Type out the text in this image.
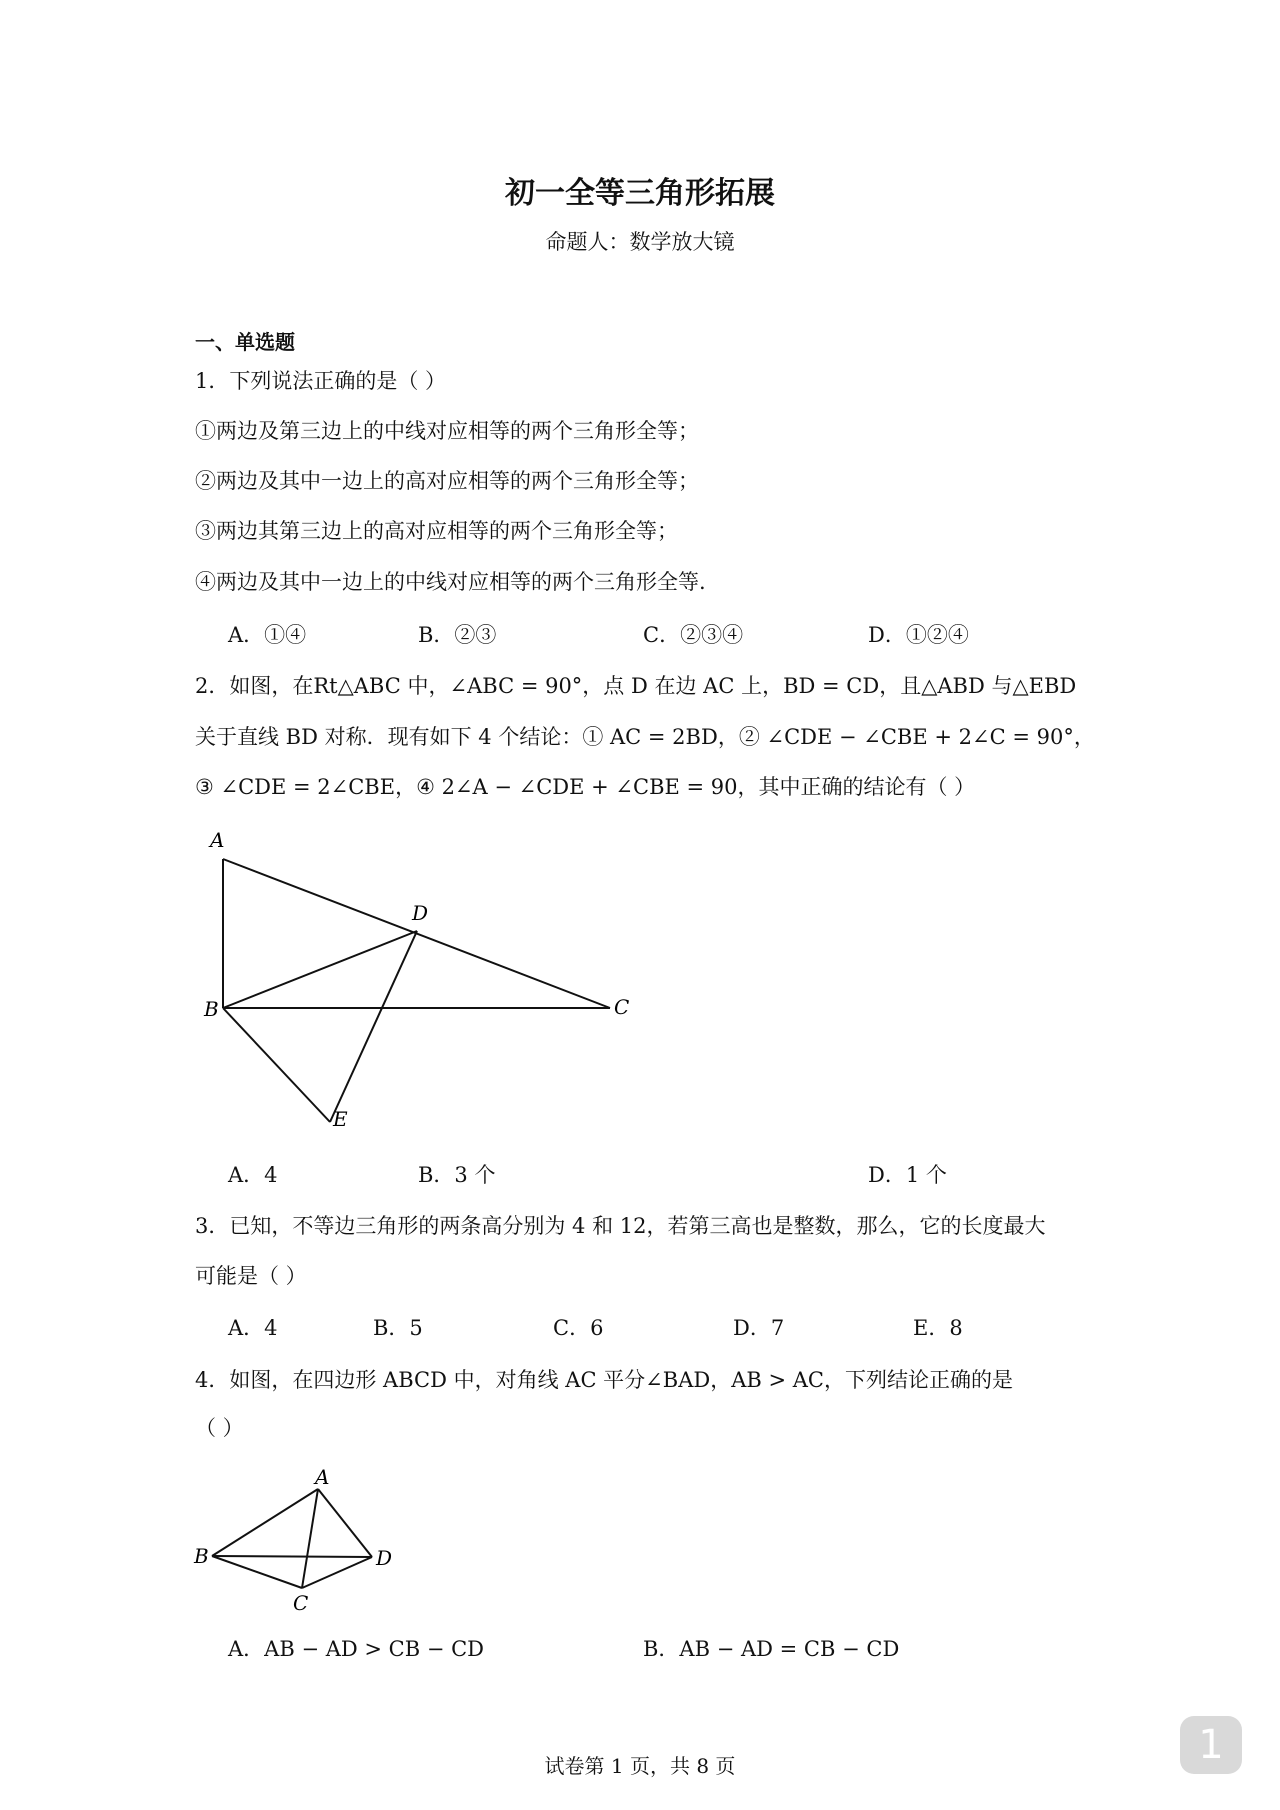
初一全等三角形拓展
命题人：数学放大镜
一、单选题
1．下列说法正确的是（ ）
①两边及第三边上的中线对应相等的两个三角形全等；
②两边及其中一边上的高对应相等的两个三角形全等；
③两边其第三边上的高对应相等的两个三角形全等；
④两边及其中一边上的中线对应相等的两个三角形全等.
A．①④	B．②③	C．②③④	D．①②④
2．如图，在Rt△ABC 中，∠ABC = 90°，点 D 在边 AC 上，BD = CD，且△ABD 与△EBD
关于直线 BD 对称．现有如下 4 个结论：① AC = 2BD，② ∠CDE − ∠CBE + 2∠C = 90°，
③ ∠CDE = 2∠CBE，④ 2∠A − ∠CDE + ∠CBE = 90，其中正确的结论有（ ）
A
D
B	C
E
A．4	B．3 个	D．1 个
3．已知，不等边三角形的两条高分别为 4 和 12，若第三高也是整数，那么，它的长度最大
可能是（ ）
A．4	B．5	C．6	D．7	E．8
4．如图，在四边形 ABCD 中，对角线 AC 平分∠BAD，AB > AC，下列结论正确的是
（ ）
A
B	D
C
A．AB − AD > CB − CD	B．AB − AD = CB − CD
试卷第 1 页，共 8 页	1
